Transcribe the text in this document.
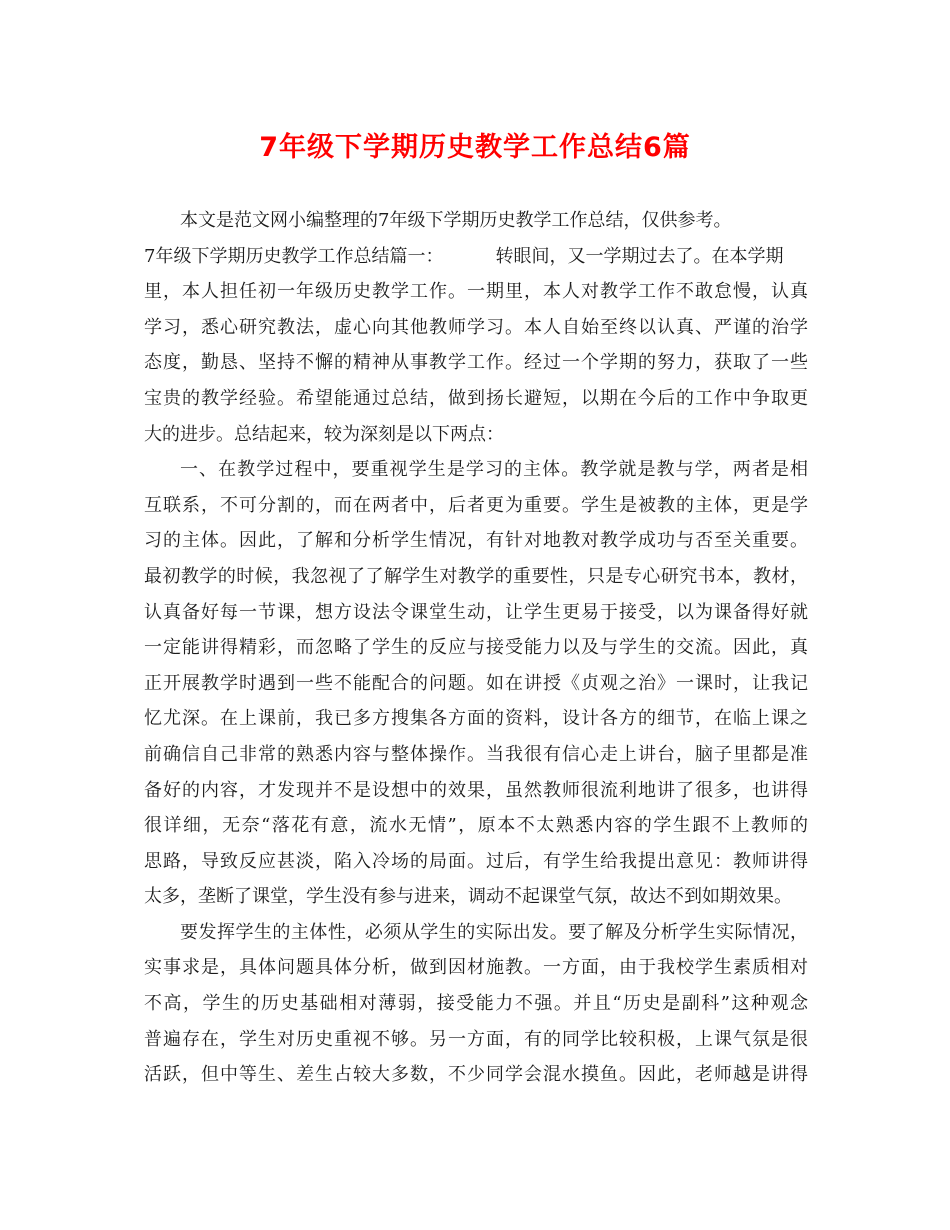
7年级下学期历史教学工作总结6篇
本文是范文网小编整理的7年级下学期历史教学工作总结，仅供参考。
7年级下学期历史教学工作总结篇一：	转眼间，又一学期过去了。在本学期
里，本人担任初一年级历史教学工作。一期里，本人对教学工作不敢怠慢，认真
学习，悉心研究教法，虚心向其他教师学习。本人自始至终以认真、严谨的治学
态度，勤恳、坚持不懈的精神从事教学工作。经过一个学期的努力，获取了一些
宝贵的教学经验。希望能通过总结，做到扬长避短，以期在今后的工作中争取更
大的进步。总结起来，较为深刻是以下两点：
一、在教学过程中，要重视学生是学习的主体。教学就是教与学，两者是相
互联系，不可分割的，而在两者中，后者更为重要。学生是被教的主体，更是学
习的主体。因此，了解和分析学生情况，有针对地教对教学成功与否至关重要。
最初教学的时候，我忽视了了解学生对教学的重要性，只是专心研究书本，教材，
认真备好每一节课，想方设法令课堂生动，让学生更易于接受，以为课备得好就
一定能讲得精彩，而忽略了学生的反应与接受能力以及与学生的交流。因此，真
正开展教学时遇到一些不能配合的问题。如在讲授《贞观之治》一课时，让我记
忆尤深。在上课前，我已多方搜集各方面的资料，设计各方的细节，在临上课之
前确信自己非常的熟悉内容与整体操作。当我很有信心走上讲台，脑子里都是准
备好的内容，才发现并不是设想中的效果，虽然教师很流利地讲了很多，也讲得
很详细，无奈“落花有意，流水无情”，原本不太熟悉内容的学生跟不上教师的
思路，导致反应甚淡，陷入冷场的局面。过后，有学生给我提出意见：教师讲得
太多，垄断了课堂，学生没有参与进来，调动不起课堂气氛，故达不到如期效果。
要发挥学生的主体性，必须从学生的实际出发。要了解及分析学生实际情况，
实事求是，具体问题具体分析，做到因材施教。一方面，由于我校学生素质相对
不高，学生的历史基础相对薄弱，接受能力不强。并且“历史是副科”这种观念
普遍存在，学生对历史重视不够。另一方面，有的同学比较积极，上课气氛是很
活跃，但中等生、差生占较大多数，不少同学会混水摸鱼。因此，老师越是讲得
